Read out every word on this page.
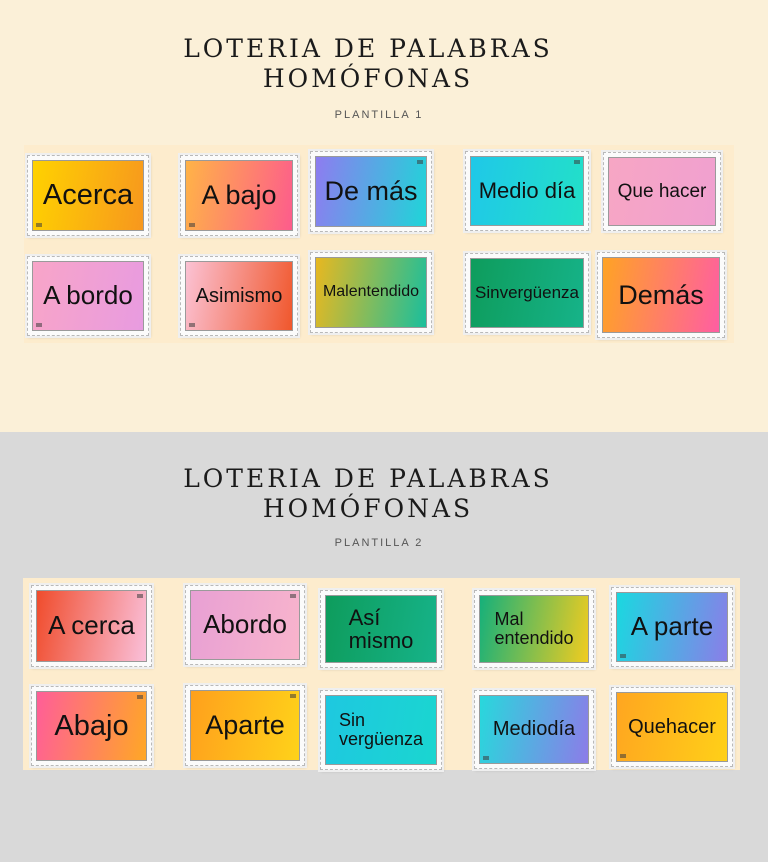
LOTERIA DE PALABRAS
HOMÓFONAS
PLANTILLA 1
Acerca	A bajo De más	Medio día Que hacer
A bordo	Asimismo	Malentendido	Sinvergüenza Demás
LOTERIA DE PALABRAS
HOMÓFONAS
PLANTILLA 2
A cerca	Abordo	Así
mismo
Mal
entendido A parte
Abajo	Aparte	Sin
vergüenza	Mediodía	Quehacer
